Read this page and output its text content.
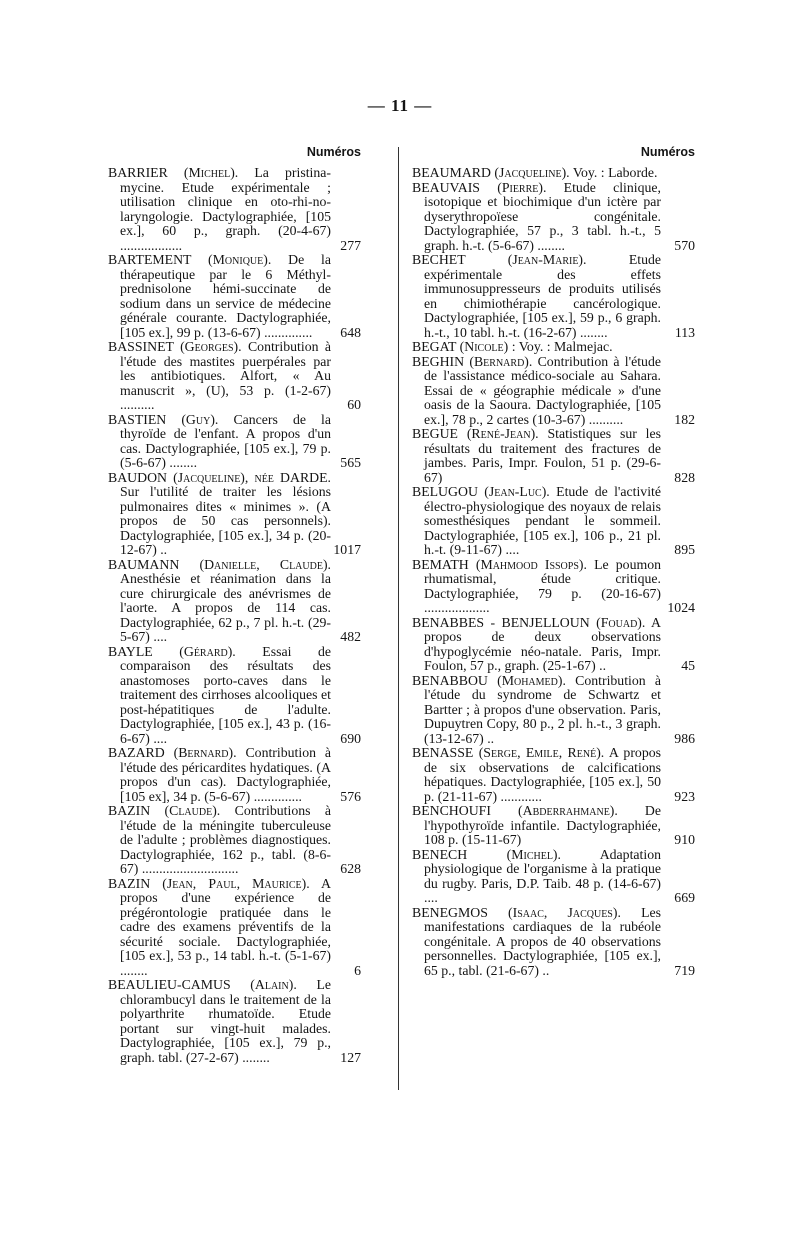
— 11 —
Numéros
BARRIER (Michel). La pristina-mycine. Etude expérimentale ; utilisation clinique en oto-rhi-no-laryngologie. Dactylographiée, [105 ex.], 60 p., graph. (20-4-67) ..................	277
BARTEMENT (Monique). De la thérapeutique par le 6 Méthyl-prednisolone hémi-succinate de sodium dans un service de médecine générale courante. Dactylographiée, [105 ex.], 99 p. (13-6-67) .............. 648
BASSINET (Georges). Contribution à l'étude des mastites puerpérales par les antibiotiques. Alfort, « Au manuscrit », (U), 53 p. (1-2-67) ..........	60
BASTIEN (Guy). Cancers de la thyroïde de l'enfant. A propos d'un cas. Dactylographiée, [105 ex.], 79 p. (5-6-67) ........	565
BAUDON (Jacqueline), née DARDE. Sur l'utilité de traiter les lésions pulmonaires dites « minimes ». (A propos de 50 cas personnels). Dactylographiée, [105 ex.], 34 p. (20-12-67) ..	1017
BAUMANN (Danielle, Claude). Anesthésie et réanimation dans la cure chirurgicale des anévrismes de l'aorte. A propos de 114 cas. Dactylographiée, 62 p., 7 pl. h.-t. (29-5-67) ....	482
BAYLE (Gérard). Essai de comparaison des résultats des anastomoses porto-caves dans le traitement des cirrhoses alcooliques et post-hépatitiques de l'adulte. Dactylographiée, [105 ex.], 43 p. (16-6-67) ....	690
BAZARD (Bernard). Contribution à l'étude des péricardites hydatiques. (A propos d'un cas). Dactylographiée, [105 ex], 34 p. (5-6-67) ..............	576
BAZIN (Claude). Contributions à l'étude de la méningite tuberculeuse de l'adulte ; problèmes diagnostiques. Dactylographiée, 162 p., tabl. (8-6-67) ............................	628
BAZIN (Jean, Paul, Maurice). A propos d'une expérience de prégérontologie pratiquée dans le cadre des examens préventifs de la sécurité sociale. Dactylographiée, [105 ex.], 53 p., 14 tabl. h.-t. (5-1-67) ........	6
BEAULIEU-CAMUS (Alain). Le chlorambucyl dans le traitement de la polyarthrite rhumatoïde. Etude portant sur vingt-huit malades. Dactylographiée, [105 ex.], 79 p., graph. tabl. (27-2-67) ........	127
Numéros
BEAUMARD (Jacqueline). Voy. : Laborde.
BEAUVAIS (Pierre). Etude clinique, isotopique et biochimique d'un ictère par dyserythropoïese congénitale. Dactylographiée, 57 p., 3 tabl. h.-t., 5 graph. h.-t. (5-6-67) ........	570
BECHET (Jean-Marie).	Etude expérimentale des effets immunosuppresseurs de produits utilisés en chimiothérapie cancérologique. Dactylographiée, [105 ex.], 59 p., 6 graph. h.-t., 10 tabl. h.-t. (16-2-67) ........	113
BEGAT (Nicole) : Voy. : Malmejac.
BEGHIN (Bernard). Contribution à l'étude de l'assistance médico-sociale au Sahara. Essai de « géographie médicale » d'une oasis de la Saoura. Dactylographiée, [105 ex.], 78 p., 2 cartes (10-3-67) ..........	182
BEGUE (René-Jean). Statistiques sur les résultats du traitement des fractures de jambes. Paris, Impr. Foulon, 51 p. (29-6-67)	828
BELUGOU (Jean-Luc). Etude de l'activité électro-physiologique des noyaux de relais somesthésiques pendant le sommeil. Dactylographiée, [105 ex.], 106 p., 21 pl. h.-t. (9-11-67) ....	895
BEMATH (Mahmood Issops). Le poumon rhumatismal, étude critique. Dactylographiée, 79 p. (20-16-67) ...................	1024
BENABBES - BENJELLOUN (Fouad). A propos de deux observations d'hypoglycémie néo-natale. Paris, Impr. Foulon, 57 p., graph. (25-1-67) ..	45
BENABBOU (Mohamed). Contribution à l'étude du syndrome de Schwartz et Bartter ; à propos d'une observation. Paris, Dupuytren Copy, 80 p., 2 pl. h.-t., 3 graph. (13-12-67) ..	986
BENASSE (Serge, Emile, René). A propos de six observations de calcifications hépatiques. Dactylographiée, [105 ex.], 50 p. (21-11-67) ............	923
BENCHOUFI (Abderrahmane). De l'hypothyroïde infantile. Dactylographiée, 108 p. (15-11-67)	910
BENECH (Michel).	Adaptation physiologique de l'organisme à la pratique du rugby. Paris, D.P. Taib. 48 p. (14-6-67) ....	669
BENEGMOS (Isaac, Jacques). Les manifestations cardiaques de la rubéole congénitale. A propos de 40 observations personnelles. Dactylographiée, [105 ex.], 65 p., tabl. (21-6-67) ..	719
